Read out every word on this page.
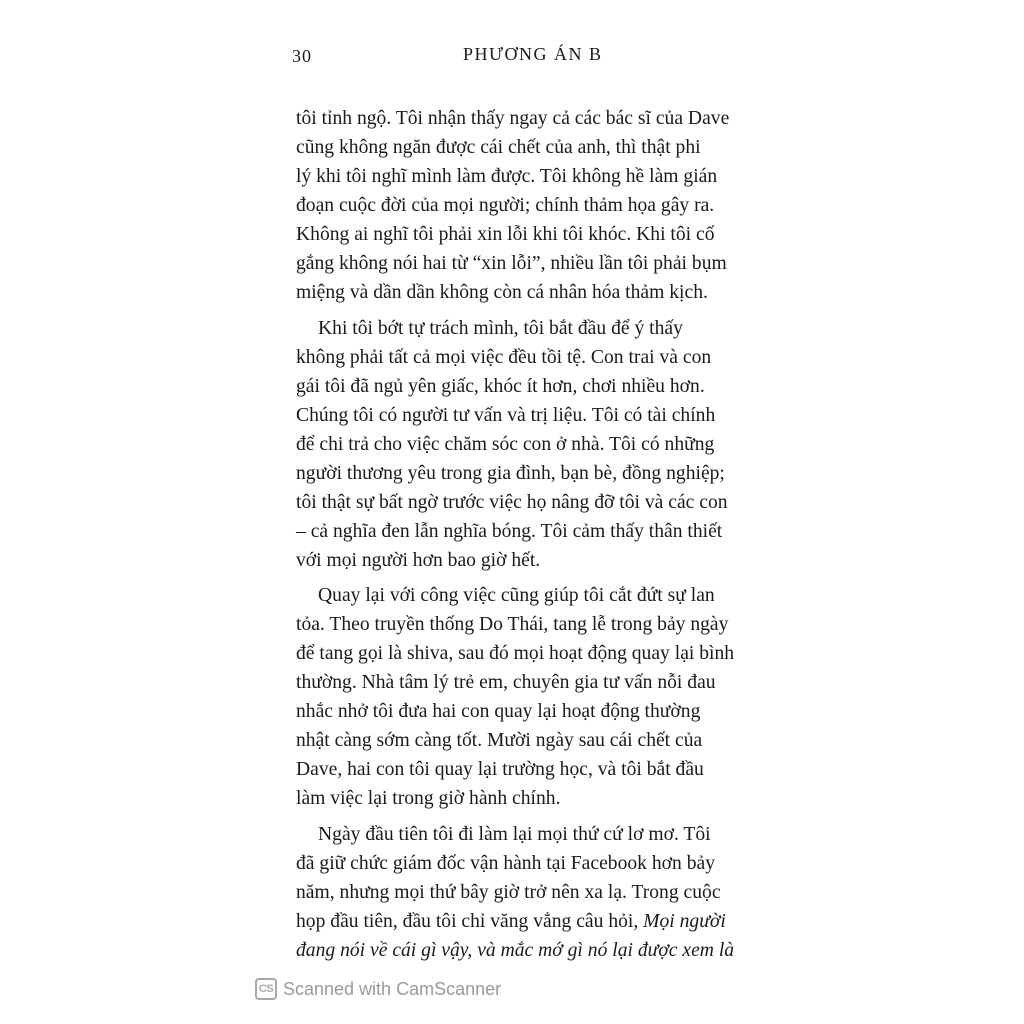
30	PHƯƠNG ÁN B
tôi tỉnh ngộ. Tôi nhận thấy ngay cả các bác sĩ của Dave
cũng không ngăn được cái chết của anh, thì thật phi
lý khi tôi nghĩ mình làm được. Tôi không hề làm gián
đoạn cuộc đời của mọi người; chính thảm họa gây ra.
Không ai nghĩ tôi phải xin lỗi khi tôi khóc. Khi tôi cố
gắng không nói hai từ “xin lỗi”, nhiều lần tôi phải bụm
miệng và dần dần không còn cá nhân hóa thảm kịch.
Khi tôi bớt tự trách mình, tôi bắt đầu để ý thấy
không phải tất cả mọi việc đều tồi tệ. Con trai và con
gái tôi đã ngủ yên giấc, khóc ít hơn, chơi nhiều hơn.
Chúng tôi có người tư vấn và trị liệu. Tôi có tài chính
để chi trả cho việc chăm sóc con ở nhà. Tôi có những
người thương yêu trong gia đình, bạn bè, đồng nghiệp;
tôi thật sự bất ngờ trước việc họ nâng đỡ tôi và các con
– cả nghĩa đen lẫn nghĩa bóng. Tôi cảm thấy thân thiết
với mọi người hơn bao giờ hết.
Quay lại với công việc cũng giúp tôi cắt đứt sự lan
tỏa. Theo truyền thống Do Thái, tang lễ trong bảy ngày
để tang gọi là shiva, sau đó mọi hoạt động quay lại bình
thường. Nhà tâm lý trẻ em, chuyên gia tư vấn nỗi đau
nhắc nhở tôi đưa hai con quay lại hoạt động thường
nhật càng sớm càng tốt. Mười ngày sau cái chết của
Dave, hai con tôi quay lại trường học, và tôi bắt đầu
làm việc lại trong giờ hành chính.
Ngày đầu tiên tôi đi làm lại mọi thứ cứ lơ mơ. Tôi
đã giữ chức giám đốc vận hành tại Facebook hơn bảy
năm, nhưng mọi thứ bây giờ trở nên xa lạ. Trong cuộc
họp đầu tiên, đầu tôi chỉ văng vẳng câu hỏi, Mọi người
đang nói về cái gì vậy, và mắc mớ gì nó lại được xem là
CS Scanned with CamScanner
